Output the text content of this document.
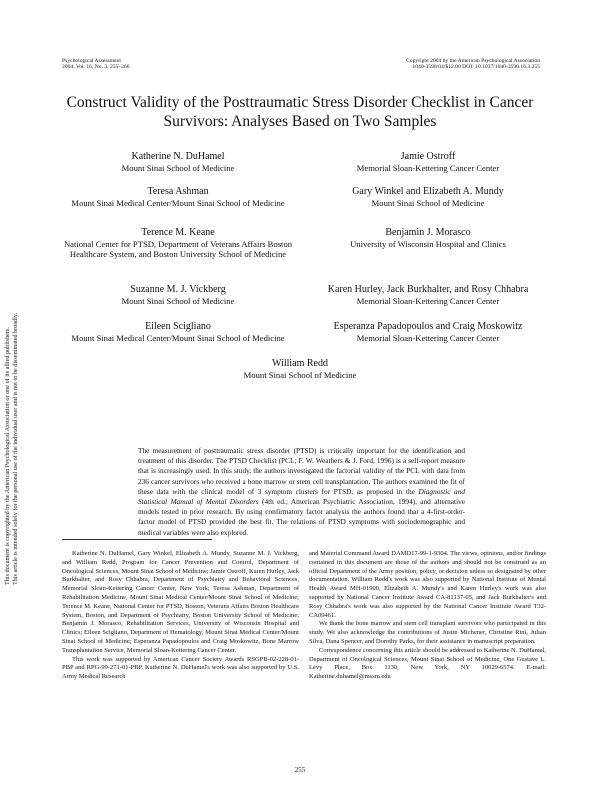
Psychological Assessment
2004, Vol. 16, No. 3, 255–266
Copyright 2004 by the American Psychological Association
1040-3590/04/$12.00 DOI: 10.1037/1040-3590.16.3.255
Construct Validity of the Posttraumatic Stress Disorder Checklist in Cancer Survivors: Analyses Based on Two Samples
Katherine N. DuHamel
Mount Sinai School of Medicine
Teresa Ashman
Mount Sinai Medical Center/Mount Sinai School of Medicine
Terence M. Keane
National Center for PTSD, Department of Veterans Affairs Boston Healthcare System, and Boston University School of Medicine
Suzanne M. J. Vickberg
Mount Sinai School of Medicine
Eileen Scigliano
Mount Sinai Medical Center/Mount Sinai School of Medicine
Jamie Ostroff
Memorial Sloan-Kettering Cancer Center
Gary Winkel and Elizabeth A. Mundy
Mount Sinai School of Medicine
Benjamin J. Morasco
University of Wisconsin Hospital and Clinics
Karen Hurley, Jack Burkhalter, and Rosy Chhabra
Memorial Sloan-Kettering Cancer Center
Esperanza Papadopoulos and Craig Moskowitz
Memorial Sloan-Kettering Cancer Center
William Redd
Mount Sinai School of Medicine
This document is copyrighted by the American Psychological Association or one of its allied publishers. This article is intended solely for the personal use of the individual user and is not to be disseminated broadly.	The measurement of posttraumatic stress disorder (PTSD) is critically important for the identification and treatment of this disorder. The PTSD Checklist (PCL; F. W. Weathers & J. Ford, 1996) is a self-report measure that is increasingly used. In this study, the authors investigated the factorial validity of the PCL with data from 236 cancer survivors who received a bone marrow or stem cell transplantation. The authors examined the fit of these data with the clinical model of 3 symptom clusters for PTSD, as proposed in the Diagnostic and Statistical Manual of Mental Disorders (4th ed.; American Psychiatric Association, 1994), and alternative models tested in prior research. By using confirmatory factor analysis the authors found that a 4-first-order-factor model of PTSD provided the best fit. The relations of PTSD symptoms with sociodemographic and medical variables were also explored.

Katherine N. DuHamel, Gary Winkel, Elizabeth A. Mundy, Suzanne M. J. Vickberg, and William Redd, Program for Cancer Prevention and Control, Department of Oncological Sciences, Mount Sinai School of Medicine; Jamie Ostroff, Karen Hurley, Jack Burkhalter, and Rosy Chhabra, Department of Psychiatry and Behavioral Sciences, Memorial Sloan-Kettering Cancer Center, New York; Teresa Ashman, Department of Rehabilitation Medicine, Mount Sinai Medical Center/Mount Sinai School of Medicine; Terence M. Keane, National Center for PTSD, Boston, Veterans Affairs Boston Healthcare System, Boston, and Department of Psychiatry, Boston University School of Medicine; Benjamin J. Morasco, Rehabilitation Services, University of Wisconsin Hospital and Clinics; Eileen Scigliano, Department of Hematology, Mount Sinai Medical Center/Mount Sinai School of Medicine; Esperanza Papadopoulos and Craig Moskowitz, Bone Marrow Transplantation Service, Memorial Sloan-Kettering Cancer Center.

This work was supported by American Cancer Society Awards RSGPB-02-228-01-PBP and RPG-99-271-01-PBP. Katherine N. DuHamel's work was also supported by U.S. Army Medical Research

and Material Command Award DAMD17-99-1-9304. The views, opinions, and/or findings contained in this document are those of the authors and should not be construed as an official Department of the Army position, policy, or decision unless so designated by other documentation. William Redd's work was also supported by National Institute of Mental Health Award MH-01900, Elizabeth A. Mundy's and Karen Hurley's work was also supported by National Cancer Institute Award CA-81137-05, and Jack Burkhalter's and Rosy Chhabra's work was also supported by the National Cancer Institute Award T32-CA09461.

We thank the bone marrow and stem cell transplant survivors who participated in this study. We also acknowledge the contributions of Justin Michener, Christine Rini, Julian Silva, Dana Spencer, and Dorothy Parks, for their assistance in manuscript preparation.

Correspondence concerning this article should be addressed to Katherine N. DuHamel, Department of Oncological Sciences, Mount Sinai School of Medicine, One Gustave L. Levy Place, Box 1130, New York, NY 10029-6574. E-mail: Katherine.duhamel@mssm.edu

255
